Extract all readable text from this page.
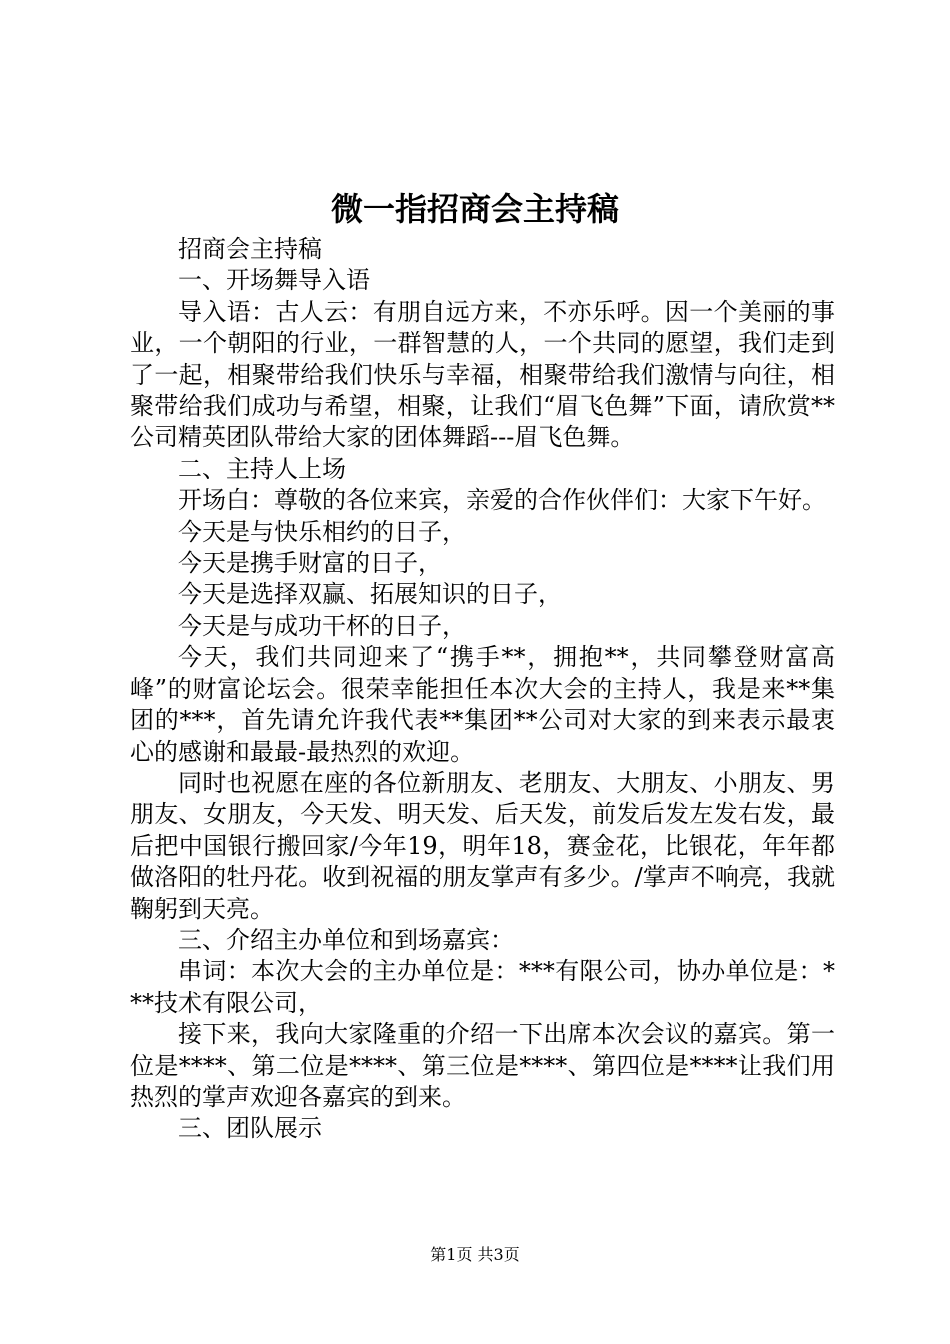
微一指招商会主持稿

招商会主持稿

一、开场舞导入语

导入语：古人云：有朋自远方来，不亦乐呼。因一个美丽的事业，一个朝阳的行业，一群智慧的人，一个共同的愿望，我们走到了一起，相聚带给我们快乐与幸福，相聚带给我们激情与向往，相聚带给我们成功与希望，相聚，让我们“眉飞色舞”下面，请欣赏**公司精英团队带给大家的团体舞蹈---眉飞色舞。

二、主持人上场

开场白：尊敬的各位来宾，亲爱的合作伙伴们：大家下午好。

今天是与快乐相约的日子，

今天是携手财富的日子，

今天是选择双赢、拓展知识的日子，

今天是与成功干杯的日子，

今天，我们共同迎来了“携手**，拥抱**，共同攀登财富高峰”的财富论坛会。很荣幸能担任本次大会的主持人，我是来**集团的***，首先请允许我代表**集团**公司对大家的到来表示最衷心的感谢和最最-最热烈的欢迎。

同时也祝愿在座的各位新朋友、老朋友、大朋友、小朋友、男朋友、女朋友，今天发、明天发、后天发，前发后发左发右发，最后把中国银行搬回家/今年19，明年18，赛金花，比银花，年年都做洛阳的牡丹花。收到祝福的朋友掌声有多少。/掌声不响亮，我就鞠躬到天亮。

三、介绍主办单位和到场嘉宾：

串词：本次大会的主办单位是：***有限公司，协办单位是：***技术有限公司，

接下来，我向大家隆重的介绍一下出席本次会议的嘉宾。第一位是****、第二位是****、第三位是****、第四位是****让我们用热烈的掌声欢迎各嘉宾的到来。

三、团队展示

第1页 共3页
